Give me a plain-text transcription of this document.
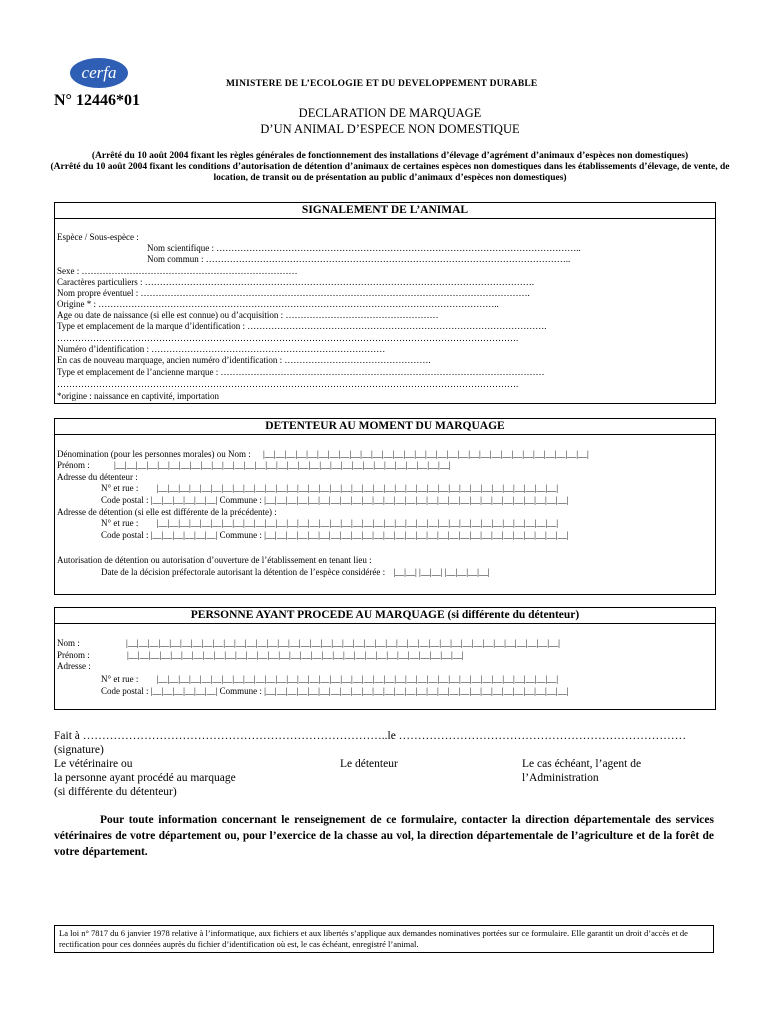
cerfa
MINISTERE DE L’ECOLOGIE ET DU DEVELOPPEMENT DURABLE
N° 12446*01
DECLARATION DE MARQUAGE
D’UN ANIMAL D’ESPECE NON DOMESTIQUE
(Arrêté du 10 août 2004 fixant les règles générales de fonctionnement des installations d’élevage d’agrément d’animaux d’espèces non domestiques)
(Arrêté du 10 août 2004 fixant les conditions d’autorisation de détention d’animaux de certaines espèces non domestiques dans les établissements d’élevage, de vente, de location, de transit ou de présentation au public d’animaux d’espèces non domestiques)
SIGNALEMENT DE L’ANIMAL
Espèce / Sous-espèce :
Nom scientifique : …………………………………………………………………………………………………………..
Nom commun : …………………………………………………………………………………………………………..
Sexe : ………………………………………………………………
Caractères particuliers : ………………………………………………………………………………………………………………….
Nom propre éventuel : ………………………………………………………………………………………………………………….
Origine * : ……………………………………………………………………………………………………………………..
Age ou date de naissance (si elle est connue) ou d’acquisition : ……………………………………………
Type et emplacement de la marque d’identification : ……………………………………………………………………………………….
……………………………………………………………………………………………………………………………………….
Numéro d’identification : ……………………………………………………………………
En cas de nouveau marquage, ancien numéro d’identification : ………………………………………….
Type et emplacement de l’ancienne marque : ………………………………………………………………………………………………
……………………………………………………………………………………………………………………………………….
*origine : naissance en captivité, importation
DETENTEUR AU MOMENT DU MARQUAGE
Dénomination (pour les personnes morales) ou Nom : |__|__|__|__|__|__|__|__|__|__|__|__|__|__|__|__|__|__|__|__|__|__|__|__|__|__|__|__|__|__|
Prénom :	|__|__|__|__|__|__|__|__|__|__|__|__|__|__|__|__|__|__|__|__|__|__|__|__|__|__|__|__|__|__|__|
Adresse du détenteur :
N° et rue : |__|__|__|__|__|__|__|__|__|__|__|__|__|__|__|__|__|__|__|__|__|__|__|__|__|__|__|__|__|__|__|__|__|__|__|__|__|
Code postal : |__|__|__|__|__|__| Commune : |__|__|__|__|__|__|__|__|__|__|__|__|__|__|__|__|__|__|__|__|__|__|__|__|__|__|__|__|
Adresse de détention (si elle est différente de la précédente) :
N° et rue : |__|__|__|__|__|__|__|__|__|__|__|__|__|__|__|__|__|__|__|__|__|__|__|__|__|__|__|__|__|__|__|__|__|__|__|__|__|
Code postal : |__|__|__|__|__|__| Commune : |__|__|__|__|__|__|__|__|__|__|__|__|__|__|__|__|__|__|__|__|__|__|__|__|__|__|__|__|
Autorisation de détention ou autorisation d’ouverture de l’établissement en tenant lieu :
Date de la décision préfectorale autorisant la détention de l’espèce considérée : |__|__| |__|__| |__|__|__|__|
PERSONNE AYANT PROCEDE AU MARQUAGE (si différente du détenteur)
Nom :	|__|__|__|__|__|__|__|__|__|__|__|__|__|__|__|__|__|__|__|__|__|__|__|__|__|__|__|__|__|__|__|__|__|__|__|__|__|__|__|__|
Prénom :	|__|__|__|__|__|__|__|__|__|__|__|__|__|__|__|__|__|__|__|__|__|__|__|__|__|__|__|__|__|__|__|
Adresse :
N° et rue : |__|__|__|__|__|__|__|__|__|__|__|__|__|__|__|__|__|__|__|__|__|__|__|__|__|__|__|__|__|__|__|__|__|__|__|__|__|
Code postal : |__|__|__|__|__|__| Commune : |__|__|__|__|__|__|__|__|__|__|__|__|__|__|__|__|__|__|__|__|__|__|__|__|__|__|__|__|
Fait à ……………………………………………………………………..le …………………………………………………………………
(signature)
Le vétérinaire ou
la personne ayant procédé au marquage
(si différente du détenteur)
Le détenteur	Le cas échéant, l’agent de
l’Administration
Pour toute information concernant le renseignement de ce formulaire, contacter la direction départementale des services vétérinaires de votre département ou, pour l’exercice de la chasse au vol, la direction départementale de l’agriculture et de la forêt de votre département.
La loi n° 7817 du 6 janvier 1978 relative à l’informatique, aux fichiers et aux libertés s’applique aux demandes nominatives portées sur ce formulaire. Elle garantit un droit d’accès et de rectification pour ces données auprès du fichier d’identification où est, le cas échéant, enregistré l’animal.
